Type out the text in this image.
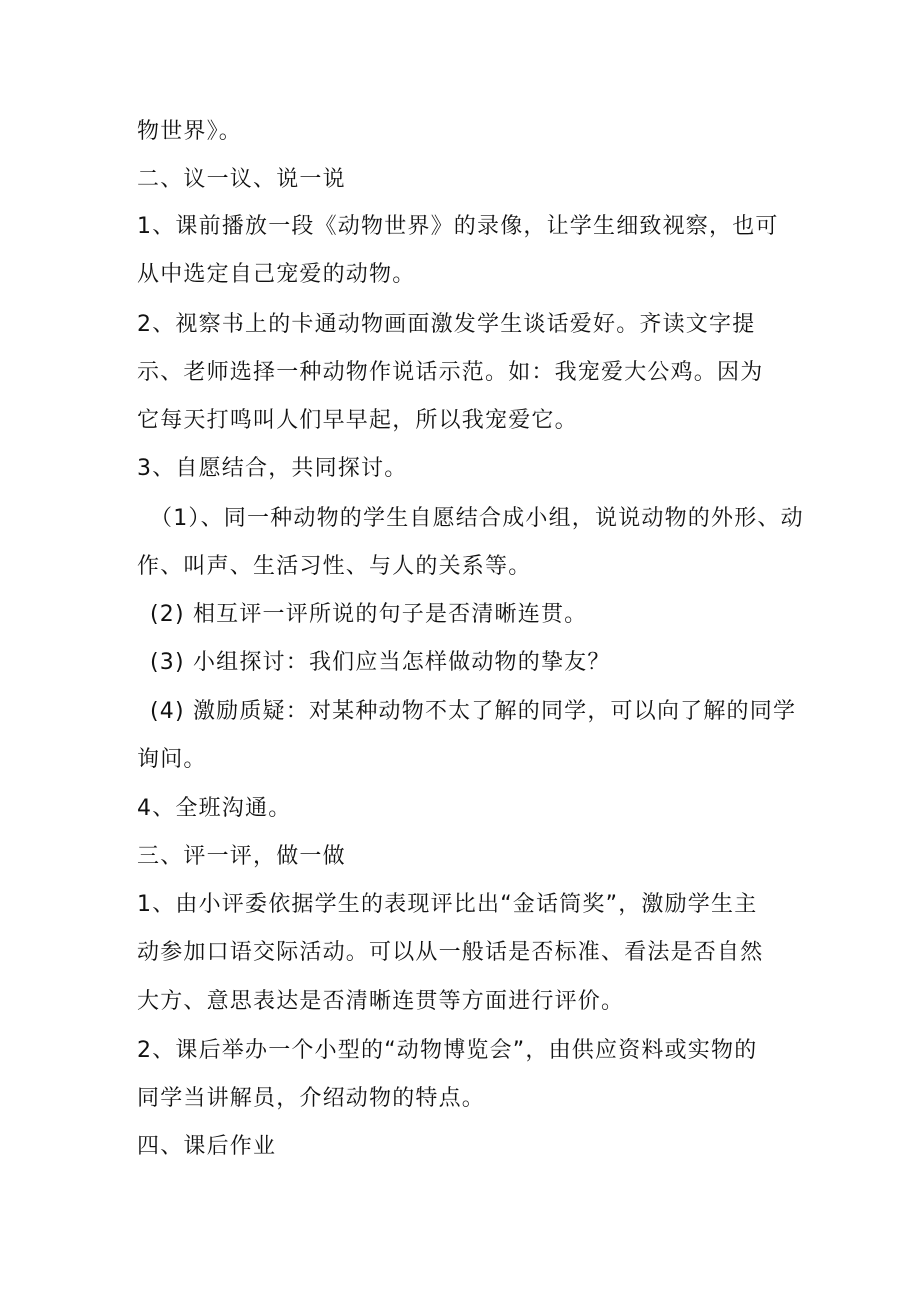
物世界》。
二、议一议、说一说
1、课前播放一段《动物世界》的录像，让学生细致视察，也可
从中选定自己宠爱的动物。
2、视察书上的卡通动物画面激发学生谈话爱好。齐读文字提
示、老师选择一种动物作说话示范。如：我宠爱大公鸡。因为
它每天打鸣叫人们早早起，所以我宠爱它。
3、自愿结合，共同探讨。
（1）、同一种动物的学生自愿结合成小组，说说动物的外形、动
作、叫声、生活习性、与人的关系等。
(2) 相互评一评所说的句子是否清晰连贯。
(3) 小组探讨：我们应当怎样做动物的挚友？
(4) 激励质疑：对某种动物不太了解的同学，可以向了解的同学
询问。
4、全班沟通。
三、评一评，做一做
1、由小评委依据学生的表现评比出“金话筒奖”，激励学生主
动参加口语交际活动。可以从一般话是否标准、看法是否自然
大方、意思表达是否清晰连贯等方面进行评价。
2、课后举办一个小型的“动物博览会”，由供应资料或实物的
同学当讲解员，介绍动物的特点。
四、课后作业
